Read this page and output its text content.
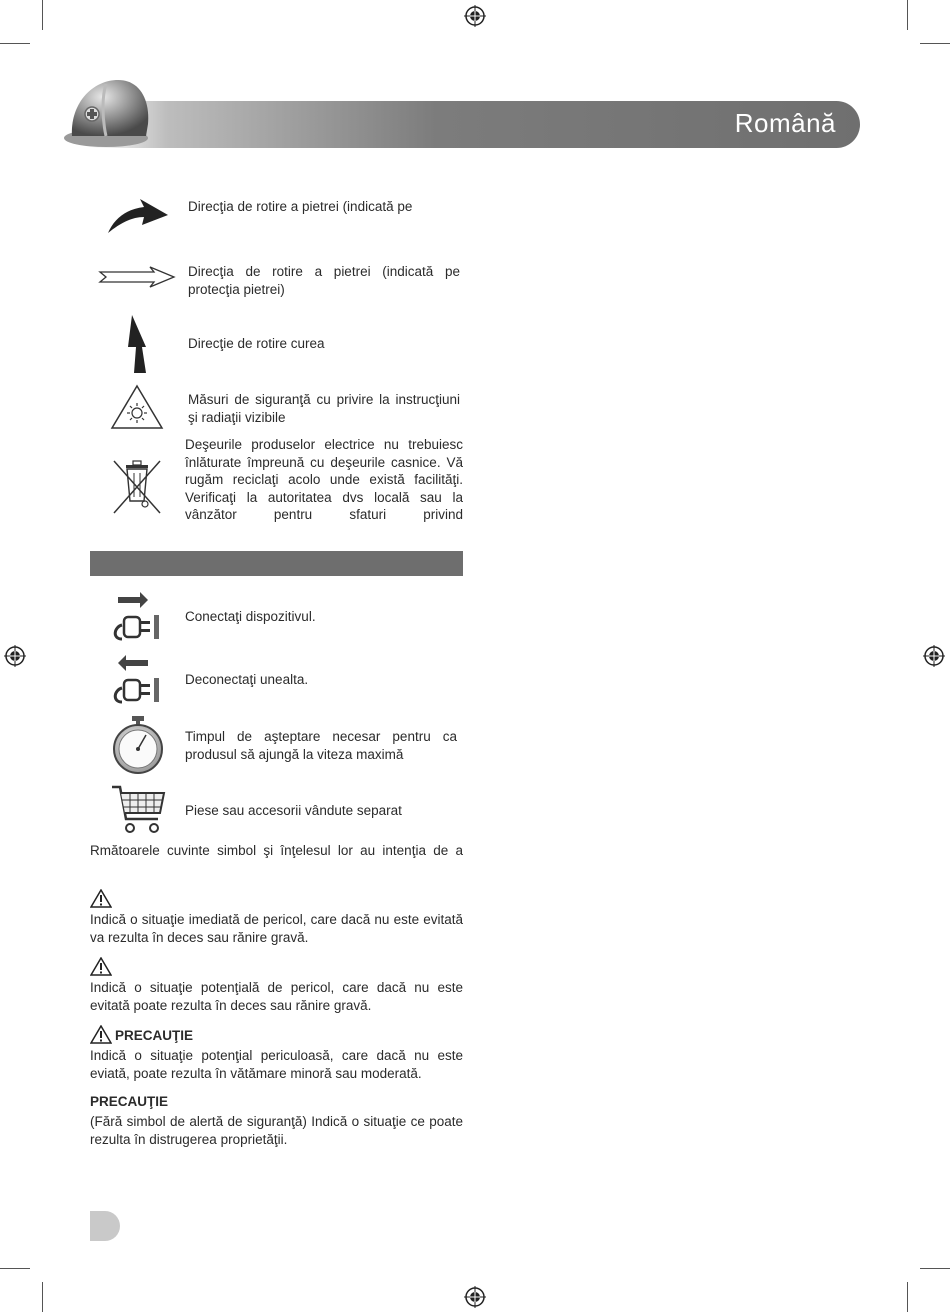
Română
Direcţia de rotire a pietrei (indicată pe
Direcţia de rotire a pietrei (indicată pe protecţia pietrei)
Direcţie de rotire curea
Măsuri de siguranţă cu privire la instrucţiuni şi radiaţii vizibile
Deşeurile produselor electrice nu trebuiesc înlăturate împreună cu deşeurile casnice. Vă rugăm reciclaţi acolo unde există facilităţi. Verificaţi la autoritatea dvs locală sau la vânzător pentru sfaturi privind
Conectaţi dispozitivul.
Deconectaţi unealta.
Timpul de aşteptare necesar pentru ca produsul să ajungă la viteza maximă
Piese sau accesorii vândute separat
Rmătoarele cuvinte simbol şi înţelesul lor au intenţia de a
Indică o situaţie imediată de pericol, care dacă nu este evitată va rezulta în deces sau rănire gravă.
Indică o situaţie potenţială de pericol, care dacă nu este evitată poate rezulta în deces sau rănire gravă.
PRECAUŢIE
Indică o situaţie potenţial periculoasă, care dacă nu este eviată, poate rezulta în vătămare minoră sau moderată.
PRECAUŢIE
(Fără simbol de alertă de siguranţă) Indică o situaţie ce poate rezulta în distrugerea proprietăţii.
